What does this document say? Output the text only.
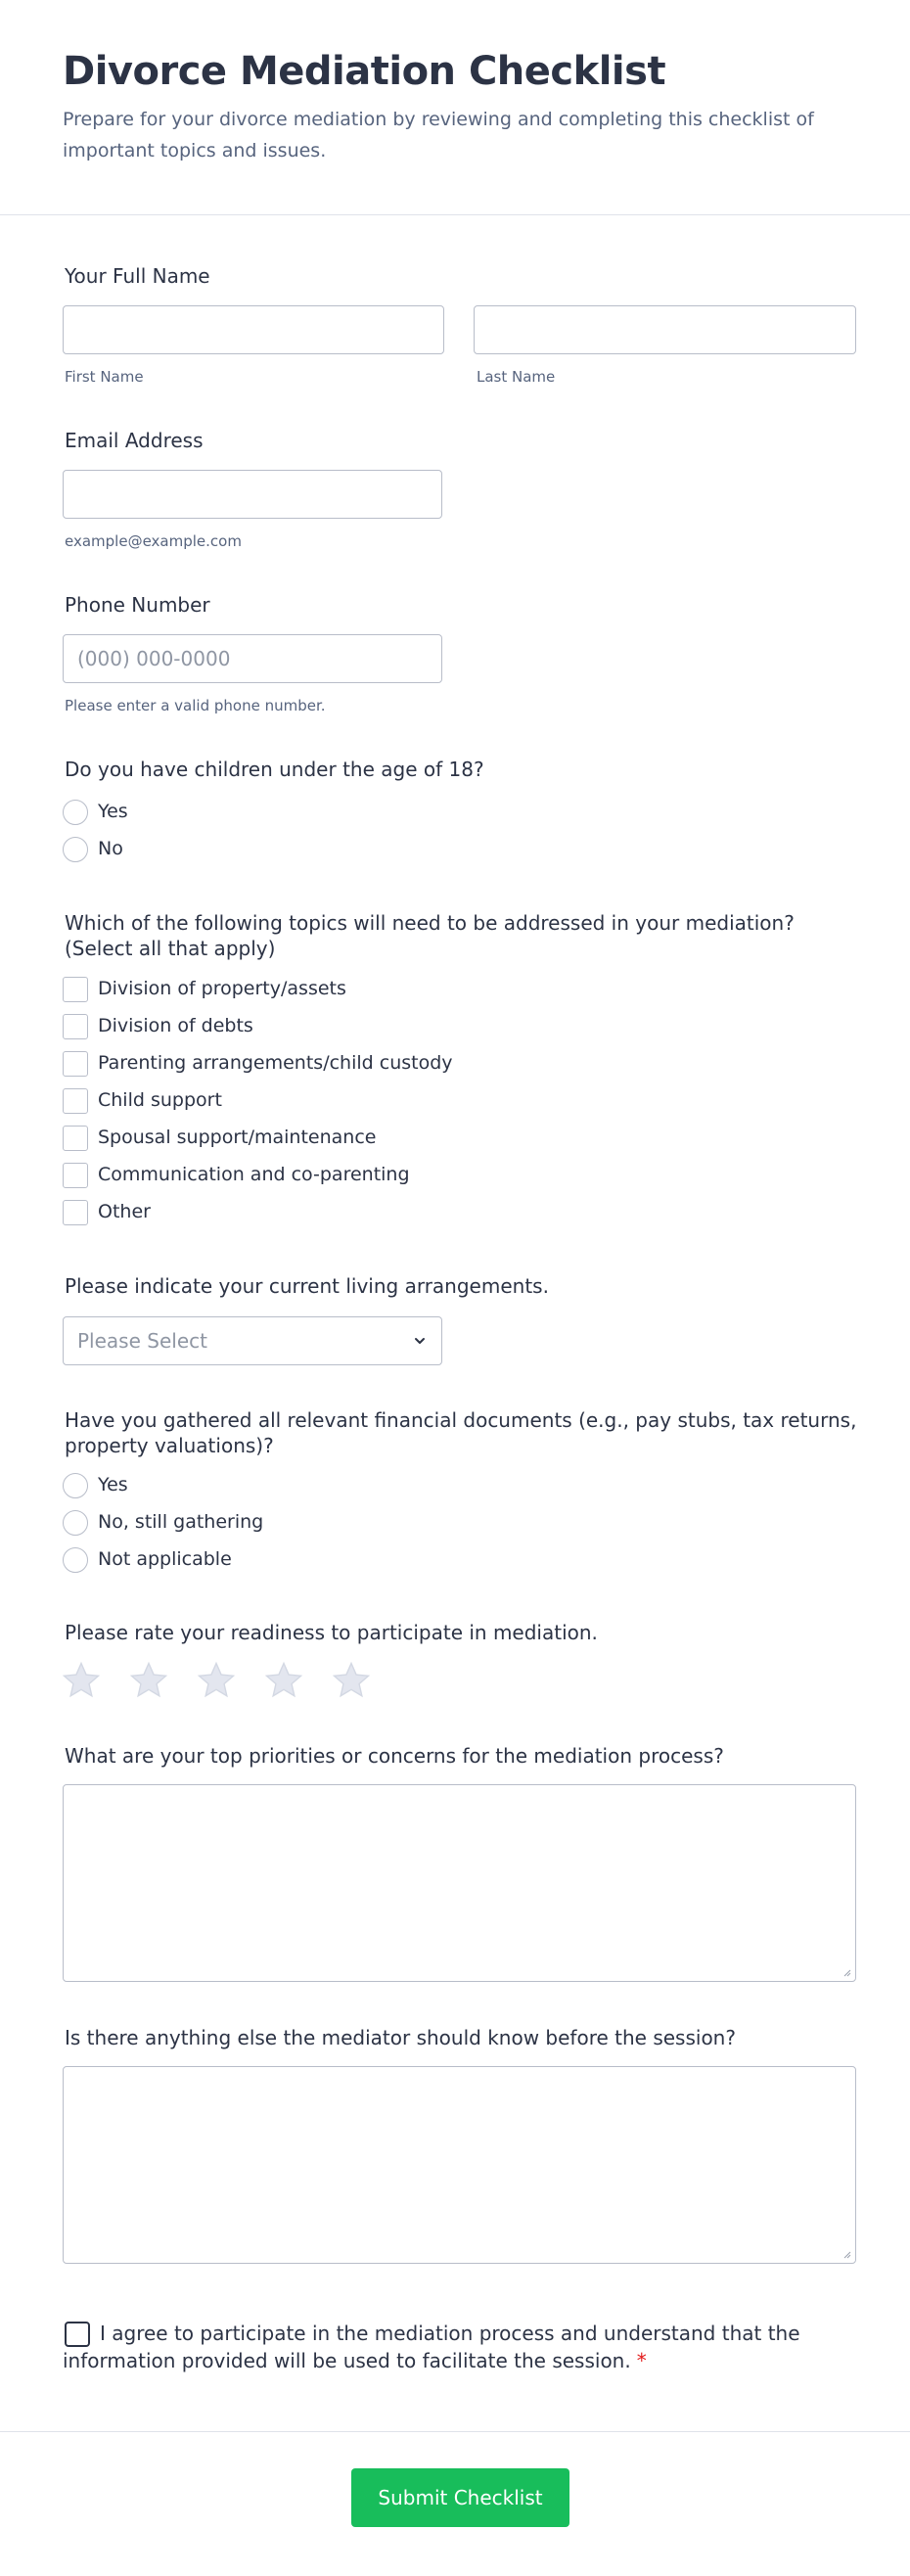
Divorce Mediation Checklist
Prepare for your divorce mediation by reviewing and completing this checklist of important topics and issues.
Your Full Name
First Name	Last Name
Email Address
example@example.com
Phone Number
(000) 000-0000
Please enter a valid phone number.
Do you have children under the age of 18?
Yes
No
Which of the following topics will need to be addressed in your mediation? (Select all that apply)
Division of property/assets
Division of debts
Parenting arrangements/child custody
Child support
Spousal support/maintenance
Communication and co-parenting
Other
Please indicate your current living arrangements.
Please Select
Have you gathered all relevant financial documents (e.g., pay stubs, tax returns, property valuations)?
Yes
No, still gathering
Not applicable
Please rate your readiness to participate in mediation.
What are your top priorities or concerns for the mediation process?
Is there anything else the mediator should know before the session?
I agree to participate in the mediation process and understand that the information provided will be used to facilitate the session. *
Submit Checklist
